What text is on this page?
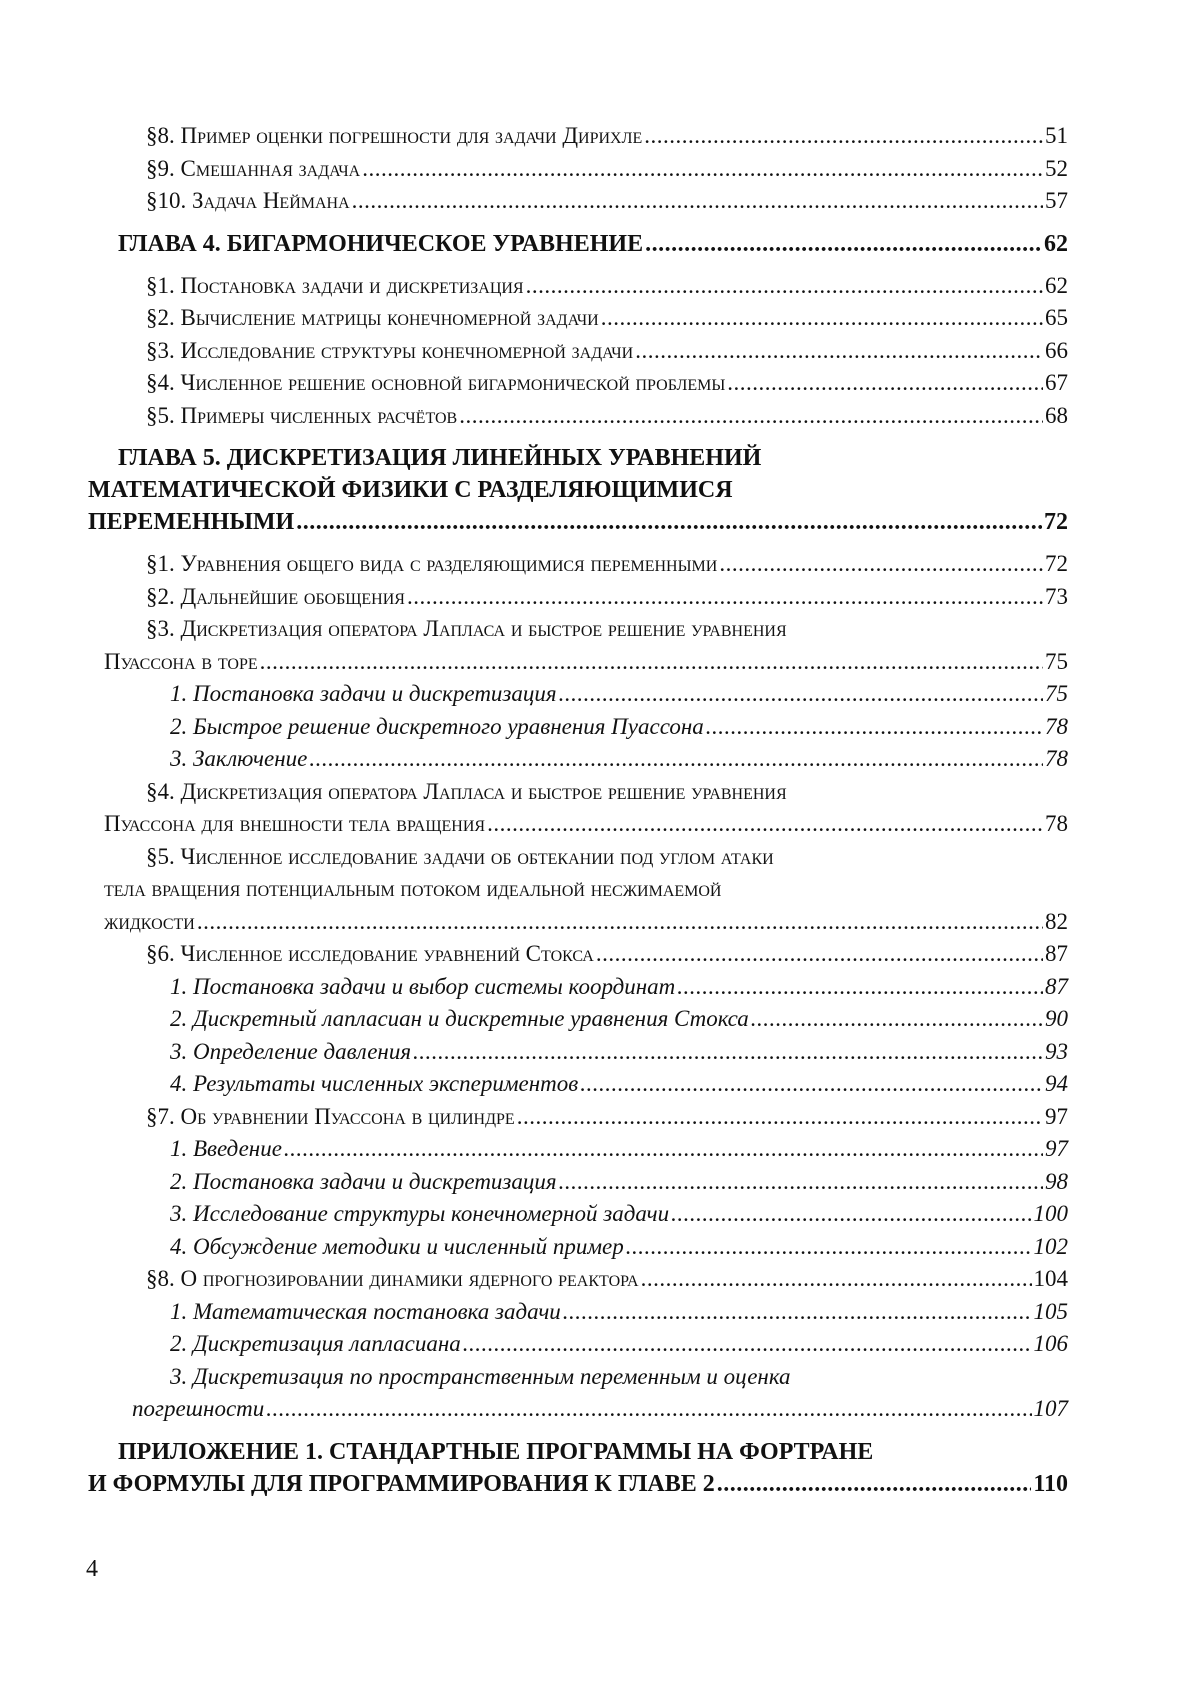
§8. Пример оценки погрешности для задачи Дирихле .....	51
§9. Смешанная задача .....	52
§10. Задача Неймана .....	57
ГЛАВА 4. БИГАРМОНИЧЕСКОЕ УРАВНЕНИЕ .....	62
§1. Постановка задачи и дискретизация .....	62
§2. Вычисление матрицы конечномерной задачи .....	65
§3. Исследование структуры конечномерной задачи .....	66
§4. Численное решение основной бигармонической проблемы .....	67
§5. Примеры численных расчётов .....	68
ГЛАВА 5. ДИСКРЕТИЗАЦИЯ ЛИНЕЙНЫХ УРАВНЕНИЙ
МАТЕМАТИЧЕСКОЙ ФИЗИКИ С РАЗДЕЛЯЮЩИМИСЯ
ПЕРЕМЕННЫМИ .....	72
§1. Уравнения общего вида с разделяющимися переменными .....	72
§2. Дальнейшие обобщения .....	73
§3. Дискретизация оператора Лапласа и быстрое решение уравнения
Пуассона в торе .....	75
1. Постановка задачи и дискретизация .....	75
2. Быстрое решение дискретного уравнения Пуассона .....	78
3. Заключение .....	78
§4. Дискретизация оператора Лапласа и быстрое решение уравнения
Пуассона для внешности тела вращения .....	78
§5. Численное исследование задачи об обтекании под углом атаки
тела вращения потенциальным потоком идеальной несжимаемой
жидкости .....	82
§6. Численное исследование уравнений Стокса .....	87
1. Постановка задачи и выбор системы координат .....	87
2. Дискретный лапласиан и дискретные уравнения Стокса .....	90
3. Определение давления .....	93
4. Результаты численных экспериментов .....	94
§7. Об уравнении Пуассона в цилиндре .....	97
1. Введение .....	97
2. Постановка задачи и дискретизация .....	98
3. Исследование структуры конечномерной задачи .....	100
4. Обсуждение методики и численный пример .....	102
§8. О прогнозировании динамики ядерного реактора .....	104
1. Математическая постановка задачи .....	105
2. Дискретизация лапласиана .....	106
3. Дискретизация по пространственным переменным и оценка
погрешности .....	107
ПРИЛОЖЕНИЕ 1. СТАНДАРТНЫЕ ПРОГРАММЫ НА ФОРТРАНЕ
И ФОРМУЛЫ ДЛЯ ПРОГРАММИРОВАНИЯ К ГЛАВЕ 2 .....	110
4
